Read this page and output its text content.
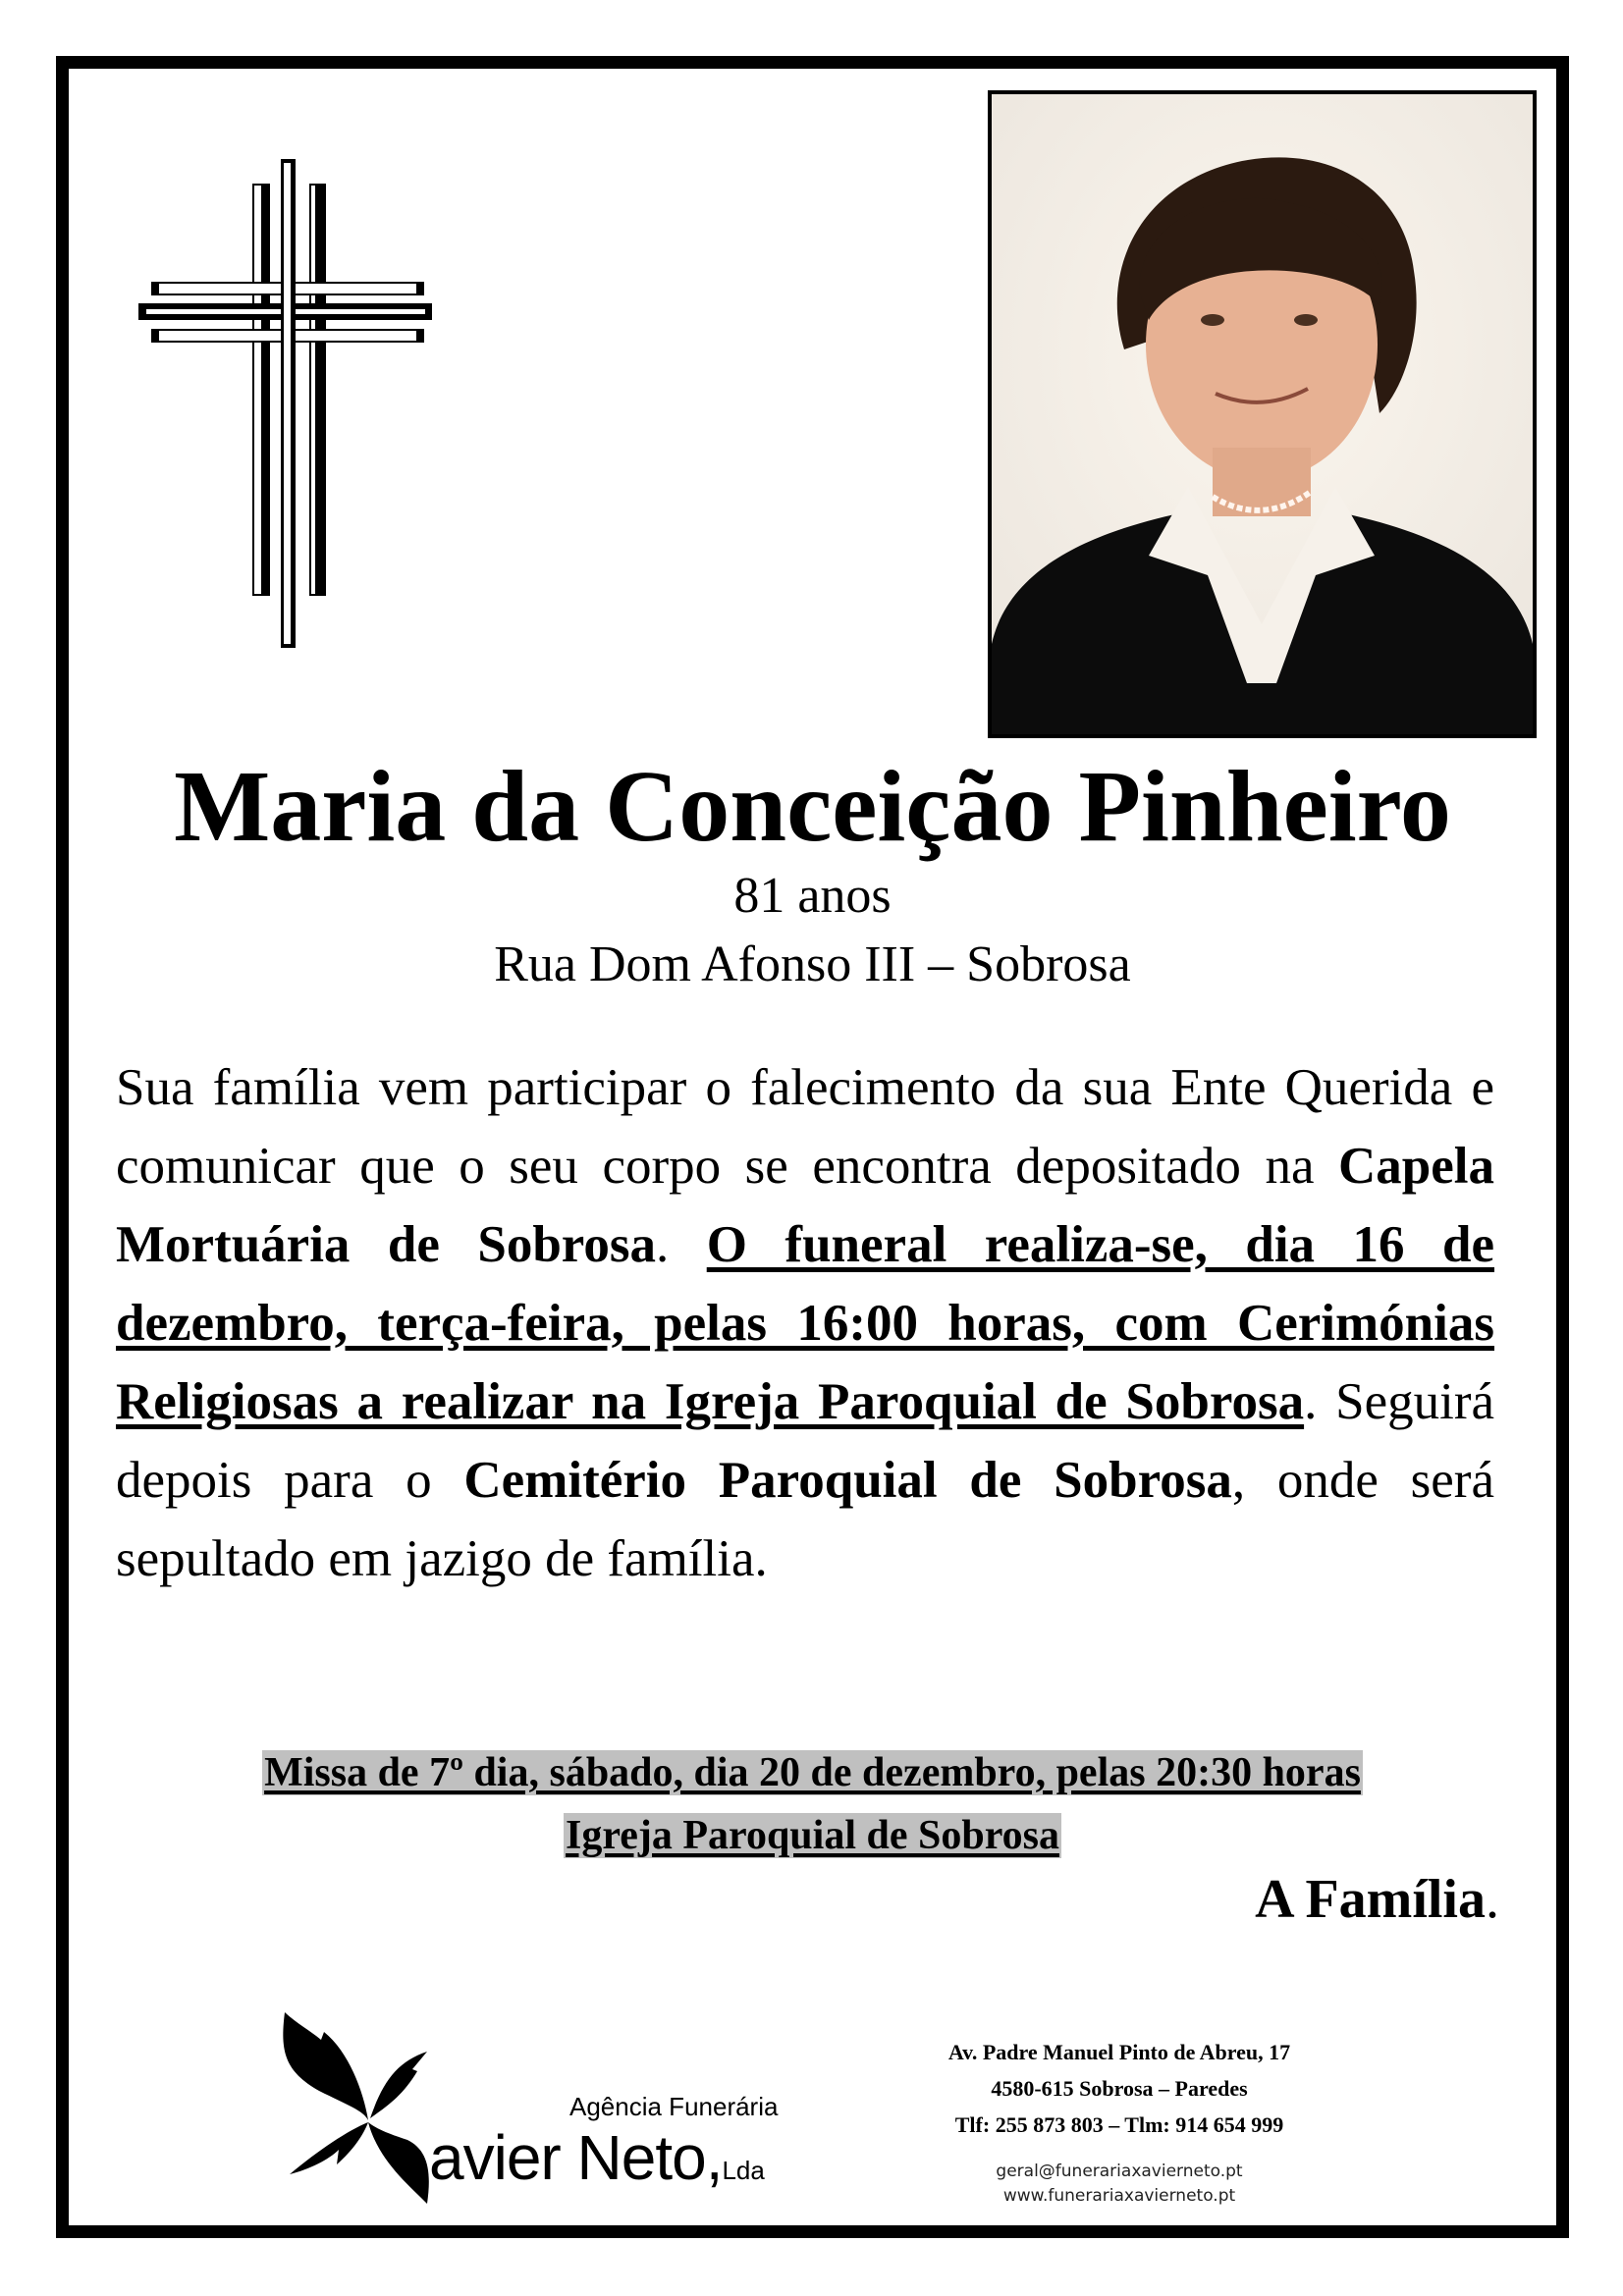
Maria da Conceição Pinheiro
81 anos
Rua Dom Afonso III – Sobrosa
Sua família vem participar o falecimento da sua Ente Querida e comunicar que o seu corpo se encontra depositado na Capela Mortuária de Sobrosa. O funeral realiza-se, dia 16 de dezembro, terça-feira, pelas 16:00 horas, com Cerimónias Religiosas a realizar na Igreja Paroquial de Sobrosa. Seguirá depois para o Cemitério Paroquial de Sobrosa, onde será sepultado em jazigo de família.
Missa de 7º dia, sábado, dia 20 de dezembro, pelas 20:30 horas
Igreja Paroquial de Sobrosa
A Família.
Agência Funerária
avier Neto,Lda
Av. Padre Manuel Pinto de Abreu, 17
4580-615 Sobrosa – Paredes
Tlf: 255 873 803 – Tlm: 914 654 999
geral@funerariaxavierneto.pt
www.funerariaxavierneto.pt
